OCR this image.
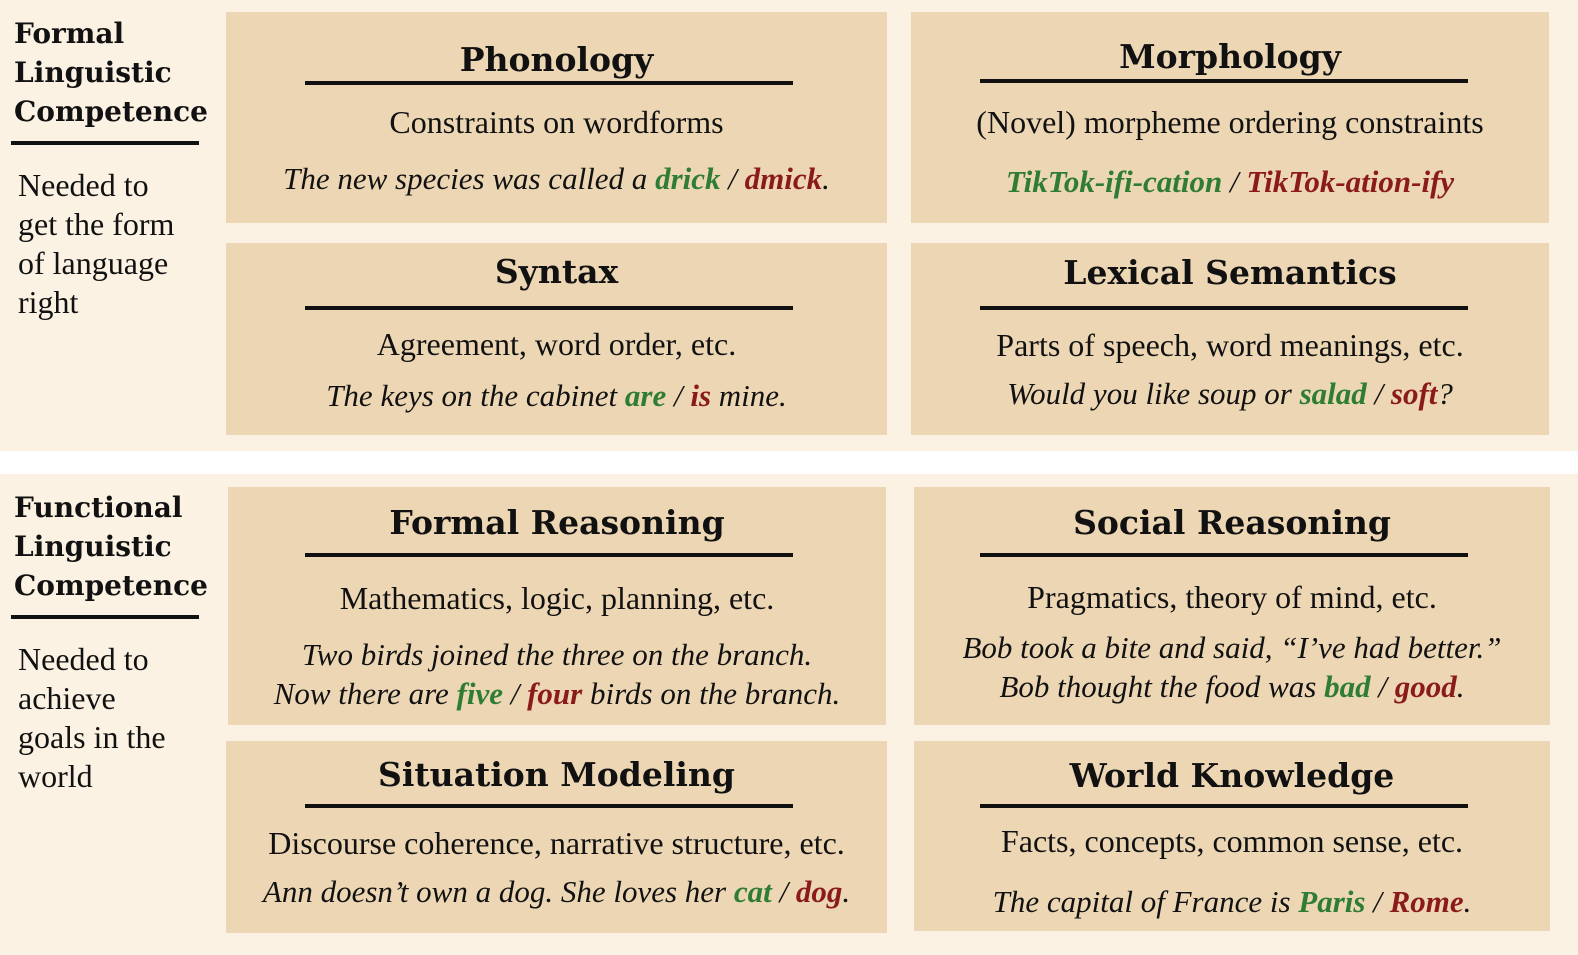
Formal
Linguistic
Competence
Needed to
get the form
of language
right
Functional
Linguistic
Competence
Needed to
achieve
goals in the
world
Phonology
Constraints on wordforms
The new species was called a drick / dmick.
Morphology
(Novel) morpheme ordering constraints
TikTok-ifi-cation / TikTok-ation-ify
Syntax
Agreement, word order, etc.
The keys on the cabinet are / is mine.
Lexical Semantics
Parts of speech, word meanings, etc.
Would you like soup or salad / soft?
Formal Reasoning
Mathematics, logic, planning, etc.
Two birds joined the three on the branch.
Now there are five / four birds on the branch.
Social Reasoning
Pragmatics, theory of mind, etc.
Bob took a bite and said, “I’ve had better.”
Bob thought the food was bad / good.
Situation Modeling
Discourse coherence, narrative structure, etc.
Ann doesn’t own a dog. She loves her cat / dog.
World Knowledge
Facts, concepts, common sense, etc.
The capital of France is Paris / Rome.
